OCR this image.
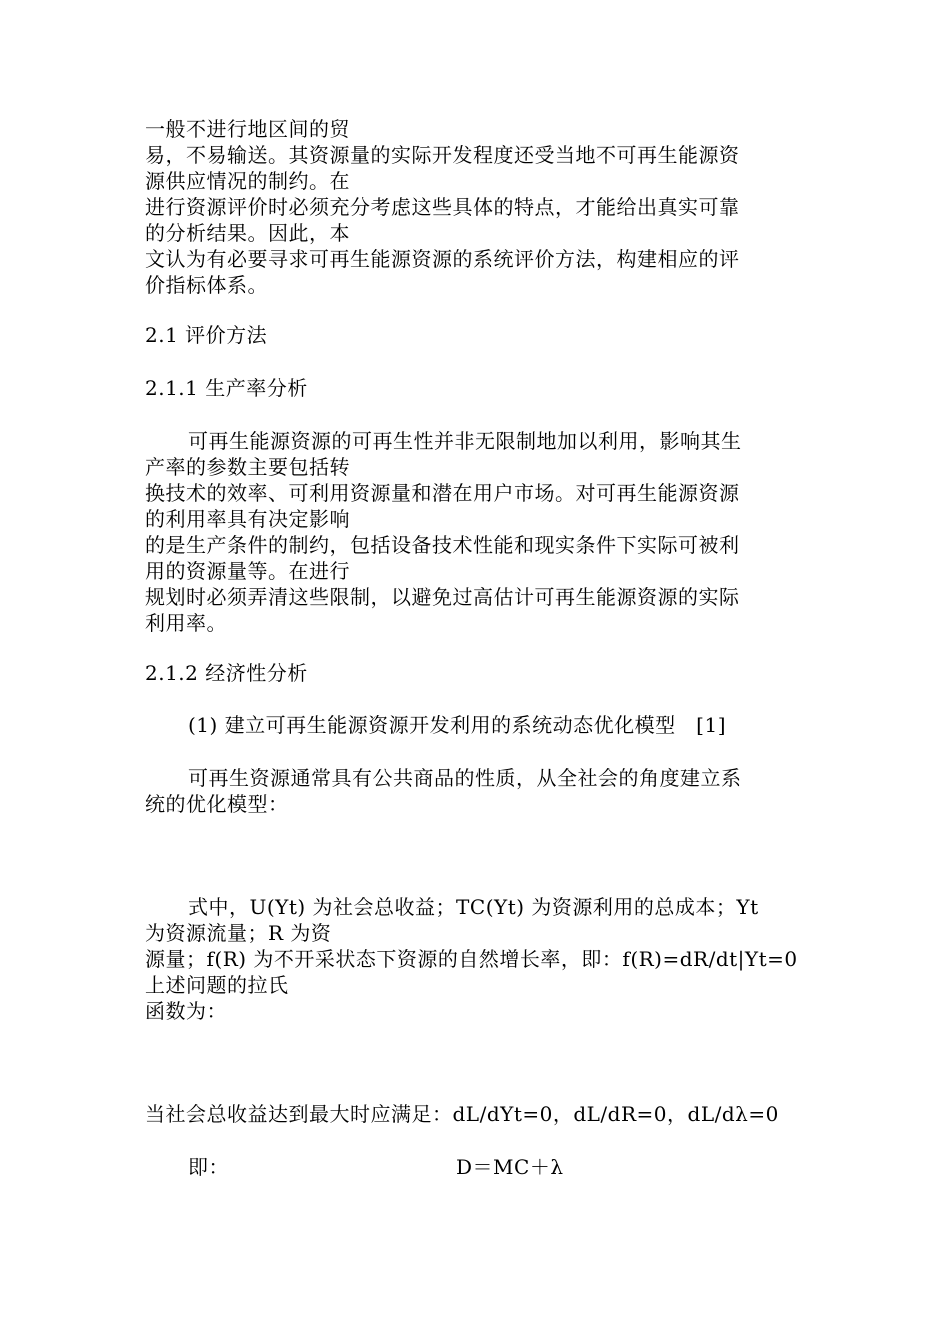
一般不进行地区间的贸
易，不易输送。其资源量的实际开发程度还受当地不可再生能源资
源供应情况的制约。在
进行资源评价时必须充分考虑这些具体的特点，才能给出真实可靠
的分析结果。因此，本
文认为有必要寻求可再生能源资源的系统评价方法，构建相应的评
价指标体系。
2.1 评价方法
2.1.1 生产率分析
可再生能源资源的可再生性并非无限制地加以利用，影响其生
产率的参数主要包括转
换技术的效率、可利用资源量和潜在用户市场。对可再生能源资源
的利用率具有决定影响
的是生产条件的制约，包括设备技术性能和现实条件下实际可被利
用的资源量等。在进行
规划时必须弄清这些限制，以避免过高估计可再生能源资源的实际
利用率。
2.1.2 经济性分析
(1) 建立可再生能源资源开发利用的系统动态优化模型　[1]
可再生资源通常具有公共商品的性质，从全社会的角度建立系
统的优化模型：
式中，U(Yt) 为社会总收益；TC(Yt) 为资源利用的总成本；Yt
为资源流量；R 为资
源量；f(R) 为不开采状态下资源的自然增长率，即：f(R)=dR/dt|Yt=0
上述问题的拉氏
函数为：
当社会总收益达到最大时应满足：dL/dYt=0，dL/dR=0，dL/dλ=0
即：	D＝MC＋λ
